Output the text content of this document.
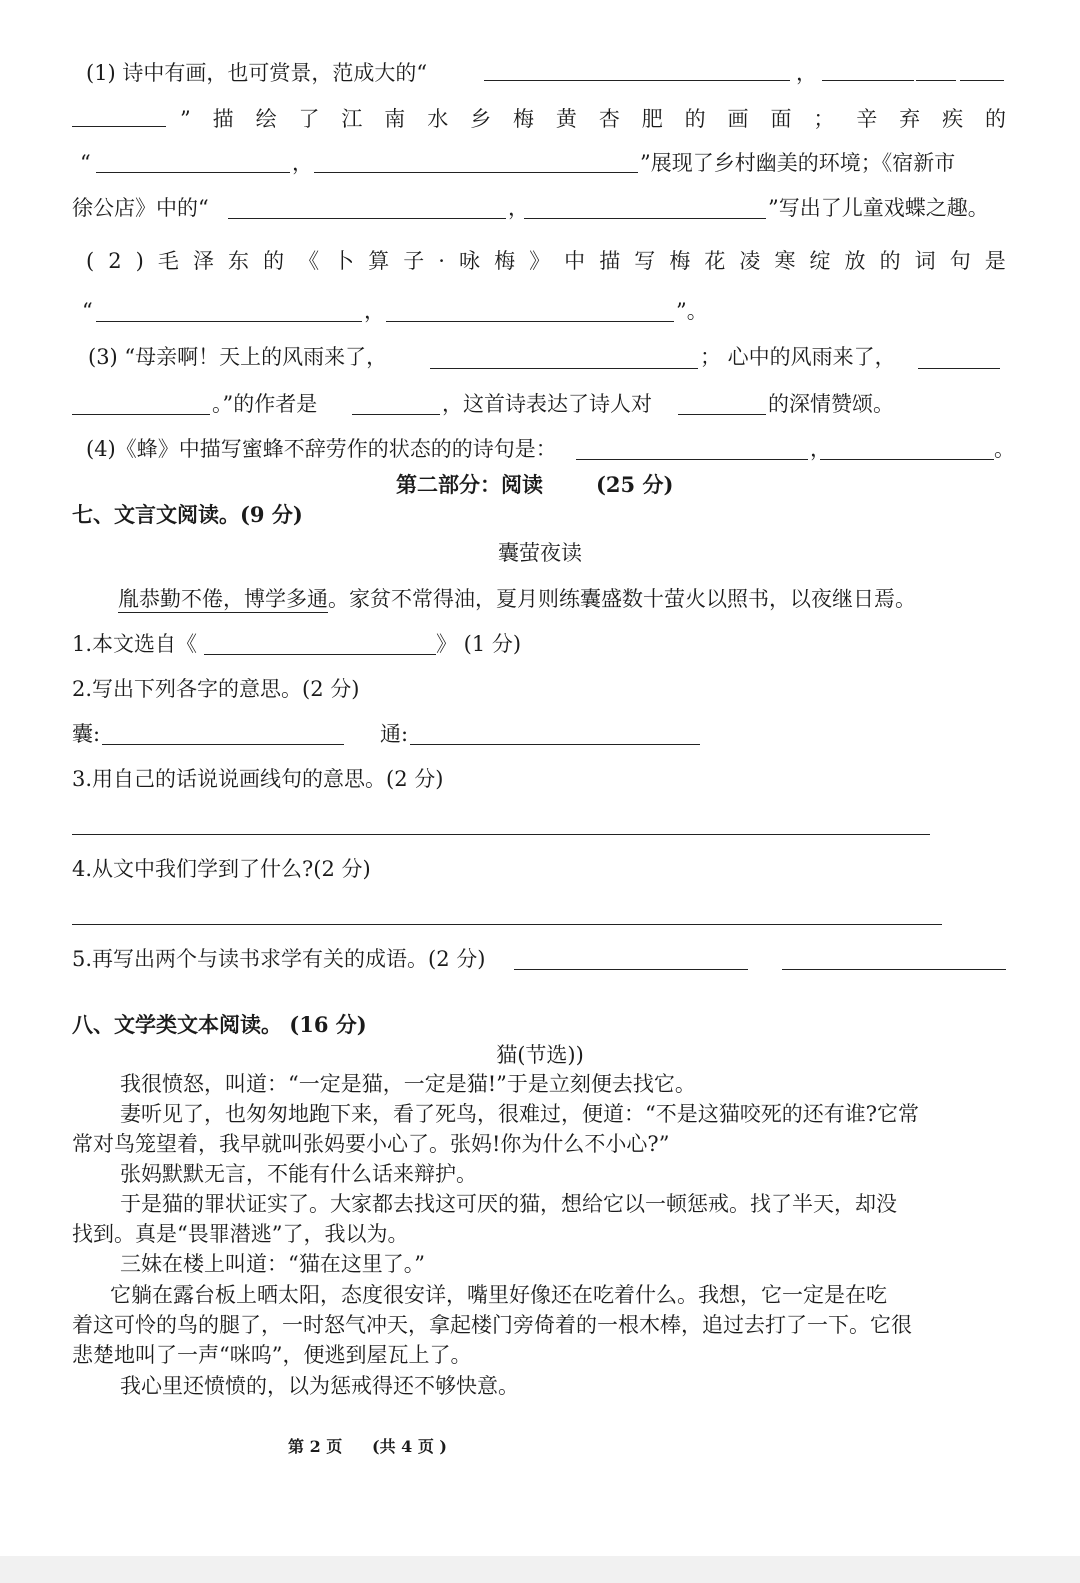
(1) 诗中有画，也可赏景，范成大的“	，
” 描 绘 了 江 南 水 乡 梅 黄 杏 肥 的 画 面 ； 辛 弃 疾 的
“	，	”展现了乡村幽美的环境；《宿新市
徐公店》中的“	，	”写出了儿童戏蝶之趣。
( 2 ) 毛 泽 东 的 《 卜 算 子 · 咏 梅 》 中 描 写 梅 花 凌 寒 绽 放 的 词 句 是
“	，	”。
(3) “母亲啊！天上的风雨来了，	； 心中的风雨来了，
。”的作者是	，这首诗表达了诗人对	的深情赞颂。
(4)《蜂》中描写蜜蜂不辞劳作的状态的的诗句是：	，	。
第二部分：阅读	(25 分)
七、文言文阅读。(9 分)
囊萤夜读
胤恭勤不倦，博学多通。家贫不常得油，夏月则练囊盛数十萤火以照书，以夜继日焉。
1.本文选自《	》 (1 分)
2.写出下列各字的意思。(2 分)
囊:	通:
3.用自己的话说说画线句的意思。(2 分)
4.从文中我们学到了什么?(2 分)
5.再写出两个与读书求学有关的成语。(2 分)
八、文学类文本阅读。 (16 分)
猫(节选))
我很愤怒，叫道：“一定是猫，一定是猫!”于是立刻便去找它。
妻听见了，也匆匆地跑下来，看了死鸟，很难过，便道：“不是这猫咬死的还有谁?它常
常对鸟笼望着，我早就叫张妈要小心了。张妈!你为什么不小心?”
张妈默默无言，不能有什么话来辩护。
于是猫的罪状证实了。大家都去找这可厌的猫，想给它以一顿惩戒。找了半天，却没
找到。真是“畏罪潜逃”了，我以为。
三妹在楼上叫道：“猫在这里了。”
它躺在露台板上晒太阳，态度很安详，嘴里好像还在吃着什么。我想，它一定是在吃
着这可怜的鸟的腿了，一时怒气冲天，拿起楼门旁倚着的一根木棒，追过去打了一下。它很
悲楚地叫了一声“咪呜”，便逃到屋瓦上了。
我心里还愤愤的，以为惩戒得还不够快意。
第 2 页 (共 4 页 )
